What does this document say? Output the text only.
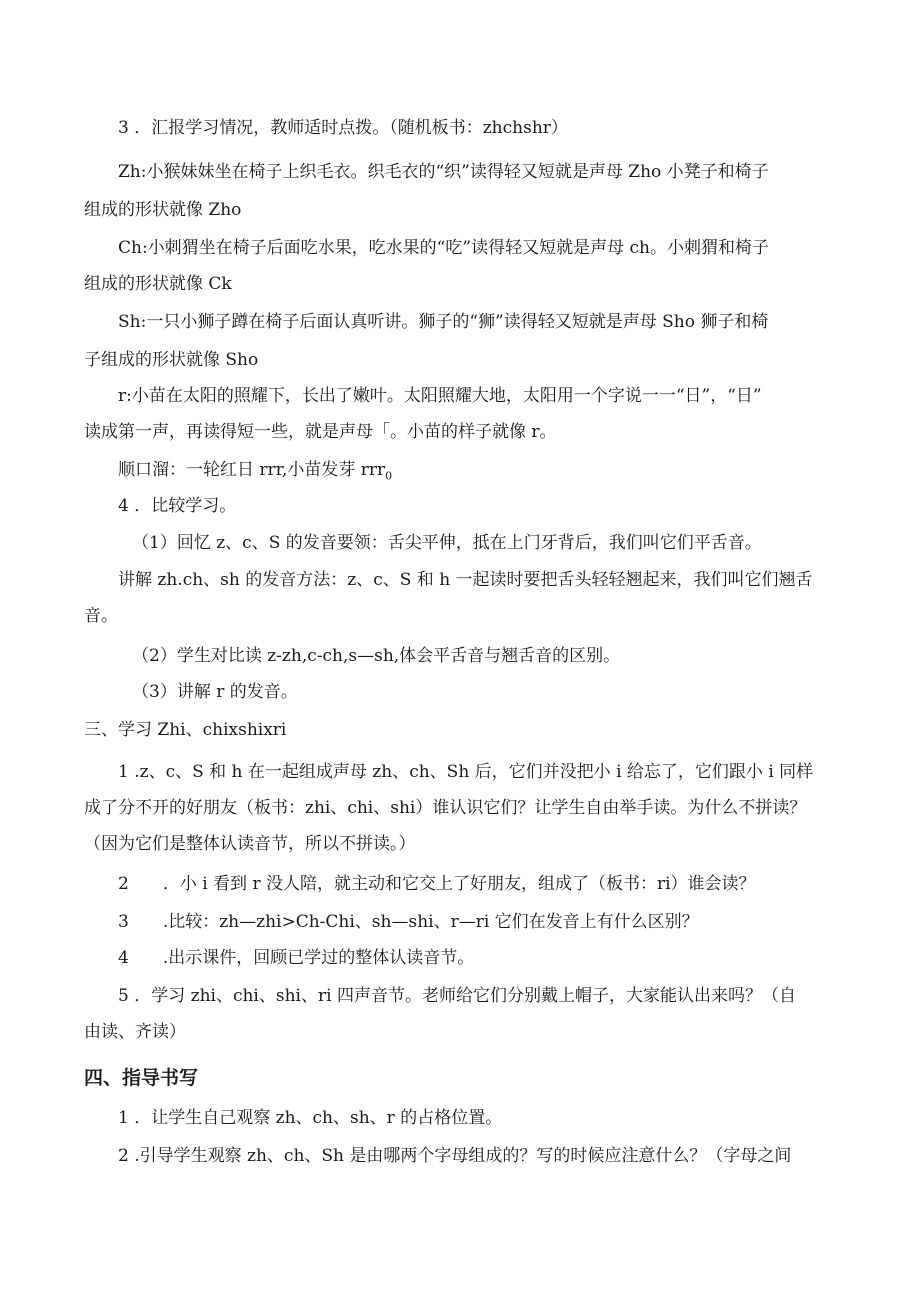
3 ．汇报学习情况，教师适时点拨。（随机板书：zhchshr）
Zh:小猴妹妹坐在椅子上织毛衣。织毛衣的“织”读得轻又短就是声母 Zho 小凳子和椅子
组成的形状就像 Zho
Ch:小刺猬坐在椅子后面吃水果，吃水果的“吃”读得轻又短就是声母 ch。小刺猬和椅子
组成的形状就像 Ck
Sh:一只小狮子蹲在椅子后面认真听讲。狮子的“狮”读得轻又短就是声母 Sho 狮子和椅
子组成的形状就像 Sho
r:小苗在太阳的照耀下，长出了嫩叶。太阳照耀大地，太阳用一个字说一一“日”，“日”
读成第一声，再读得短一些，就是声母「。小苗的样子就像 r。
顺口溜：一轮红日 rrr,小苗发芽 rrr$_0$
4 ．比较学习。
（1）回忆 z、c、S 的发音要领：舌尖平伸，抵在上门牙背后，我们叫它们平舌音。
讲解 zh.ch、sh 的发音方法：z、c、S 和 h 一起读时要把舌头轻轻翘起来，我们叫它们翘舌
音。
（2）学生对比读 z-zh,c-ch,s—sh,体会平舌音与翘舌音的区别。
（3）讲解 r 的发音。
三、学习 Zhi、chixshixri
1 .z、c、S 和 h 在一起组成声母 zh、ch、Sh 后，它们并没把小 i 给忘了，它们跟小 i 同样
成了分不开的好朋友（板书：zhi、chi、shi）谁认识它们？让学生自由举手读。为什么不拼读？
（因为它们是整体认读音节，所以不拼读。）
2　　．小 i 看到 r 没人陪，就主动和它交上了好朋友，组成了（板书：ri）谁会读？
3　　.比较：zh—zhi>Ch-Chi、sh—shi、r—ri 它们在发音上有什么区别？
4　　.出示课件，回顾已学过的整体认读音节。
5 ．学习 zhi、chi、shi、ri 四声音节。老师给它们分别戴上帽子，大家能认出来吗？（自
由读、齐读）
四、指导书写
1 ．让学生自己观察 zh、ch、sh、r 的占格位置。
2 .引导学生观察 zh、ch、Sh 是由哪两个字母组成的？写的时候应注意什么？（字母之间
